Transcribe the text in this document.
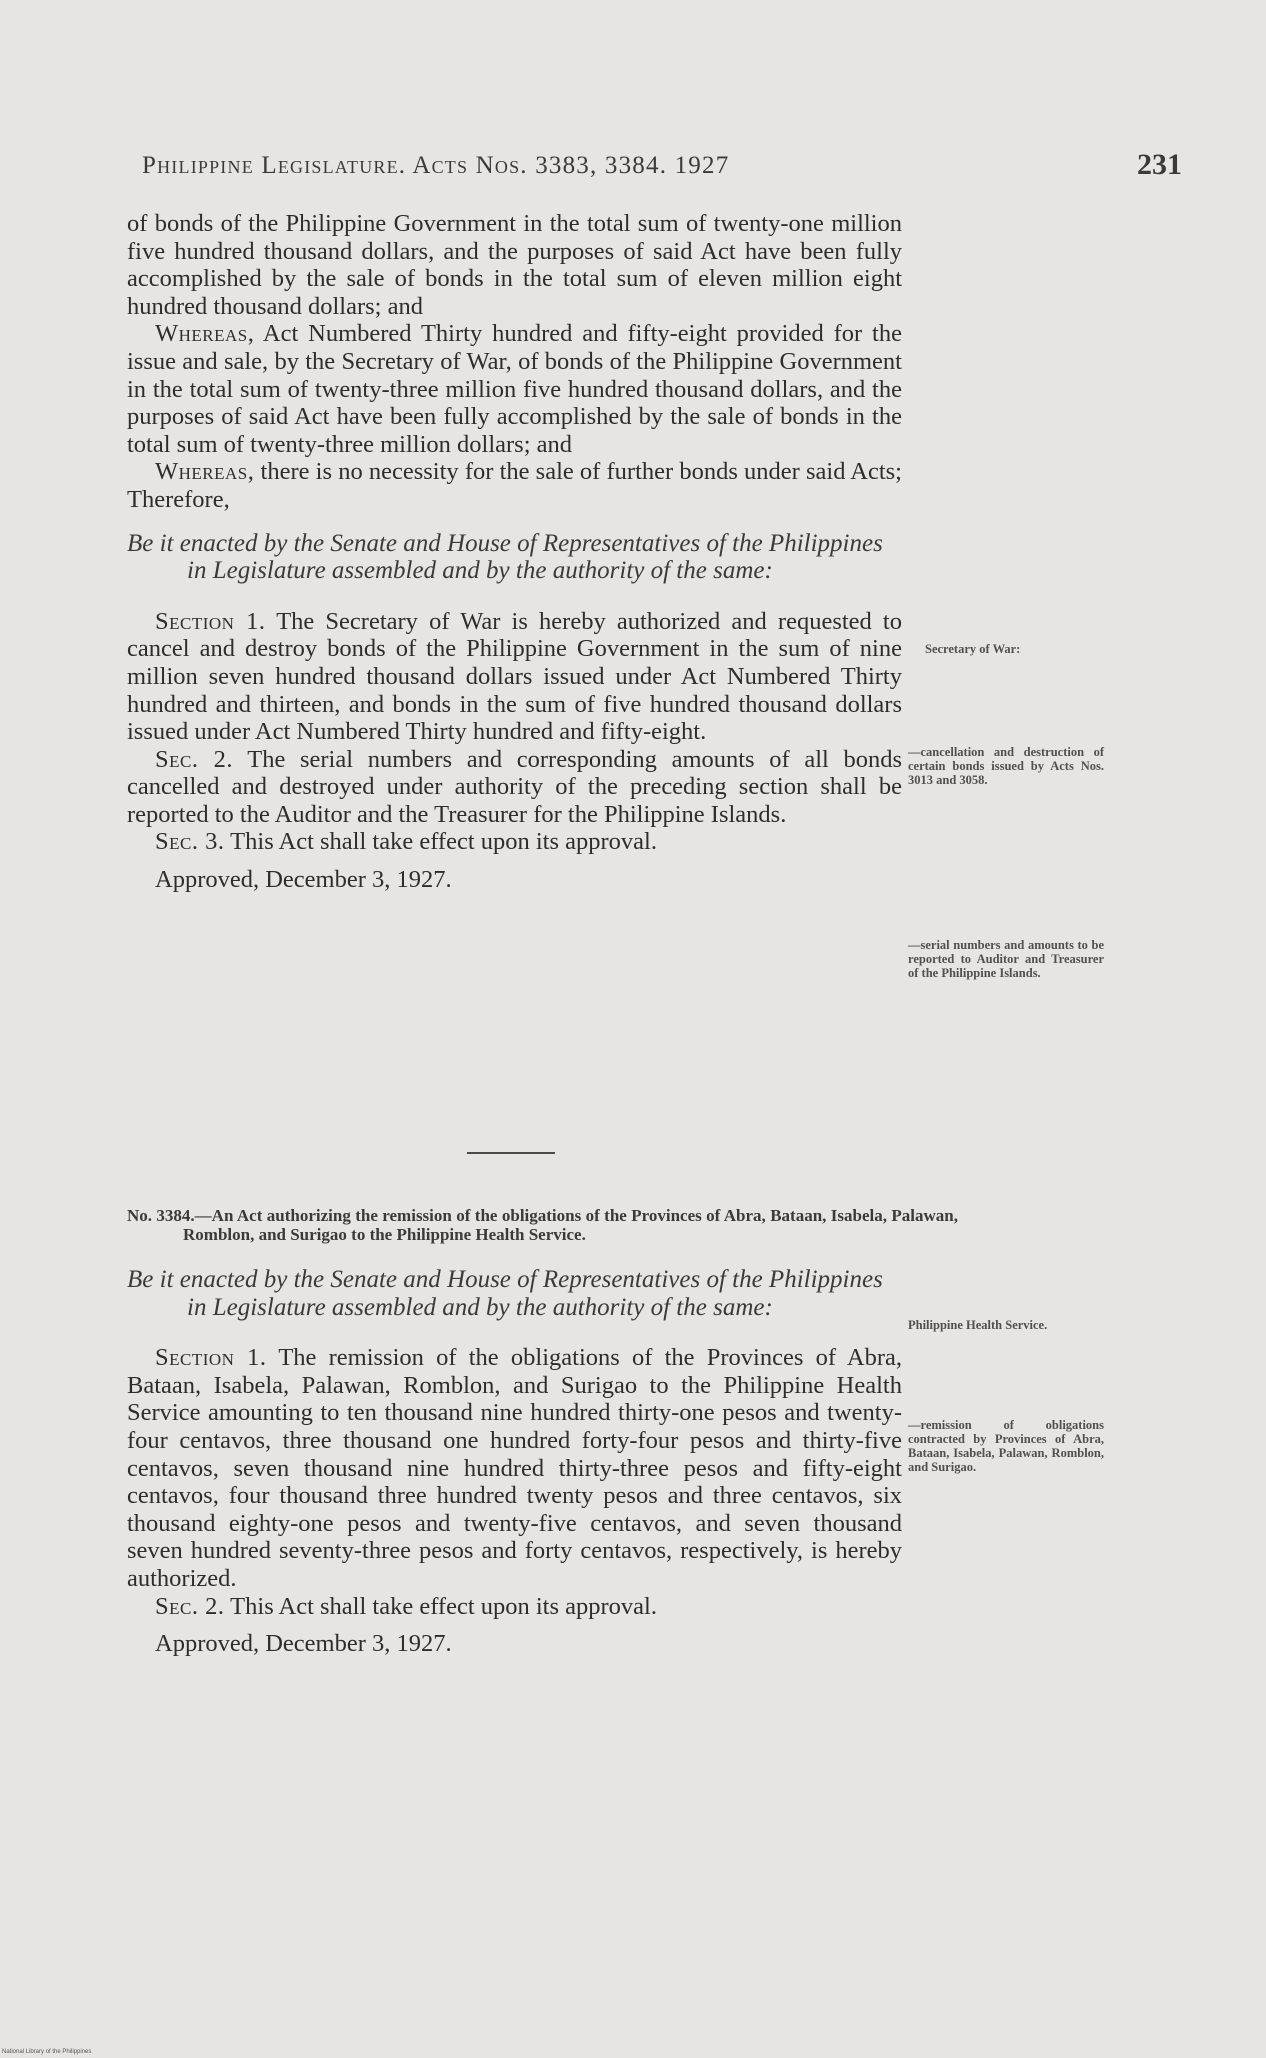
Philippine Legislature. Acts Nos. 3383, 3384. 1927	231

of bonds of the Philippine Government in the total sum of twenty-one million five hundred thousand dollars, and the purposes of said Act have been fully accomplished by the sale of bonds in the total sum of eleven million eight hundred thousand dollars; and

Whereas, Act Numbered Thirty hundred and fifty-eight provided for the issue and sale, by the Secretary of War, of bonds of the Philippine Government in the total sum of twenty-three million five hundred thousand dollars, and the purposes of said Act have been fully accomplished by the sale of bonds in the total sum of twenty-three million dollars; and

Whereas, there is no necessity for the sale of further bonds under said Acts; Therefore,

Be it enacted by the Senate and House of Representatives of the Philippines in Legislature assembled and by the authority of the same:

Section 1. The Secretary of War is hereby authorized and requested to cancel and destroy bonds of the Philippine Government in the sum of nine million seven hundred thousand dollars issued under Act Numbered Thirty hundred and thirteen, and bonds in the sum of five hundred thousand dollars issued under Act Numbered Thirty hundred and fifty-eight.

Sec. 2. The serial numbers and corresponding amounts of all bonds cancelled and destroyed under authority of the preceding section shall be reported to the Auditor and the Treasurer for the Philippine Islands.

Sec. 3. This Act shall take effect upon its approval.

Approved, December 3, 1927.

No. 3384.—An Act authorizing the remission of the obligations of the Provinces of Abra, Bataan, Isabela, Palawan, Romblon, and Surigao to the Philippine Health Service.

Be it enacted by the Senate and House of Representatives of the Philippines in Legislature assembled and by the authority of the same:

Section 1. The remission of the obligations of the Provinces of Abra, Bataan, Isabela, Palawan, Romblon, and Surigao to the Philippine Health Service amounting to ten thousand nine hundred thirty-one pesos and twenty-four centavos, three thousand one hundred forty-four pesos and thirty-five centavos, seven thousand nine hundred thirty-three pesos and fifty-eight centavos, four thousand three hundred twenty pesos and three centavos, six thousand eighty-one pesos and twenty-five centavos, and seven thousand seven hundred seventy-three pesos and forty centavos, respectively, is hereby authorized.

Sec. 2. This Act shall take effect upon its approval.

Approved, December 3, 1927.

Secretary of War:
—cancellation and destruction of certain bonds issued by Acts Nos. 3013 and 3058.
—serial numbers and amounts to be reported to Auditor and Treasurer of the Philippine Islands.
Philippine Health Service.
—remission of obligations contracted by Provinces of Abra, Bataan, Isabela, Palawan, Romblon, and Surigao.
National Library of the Philippines
